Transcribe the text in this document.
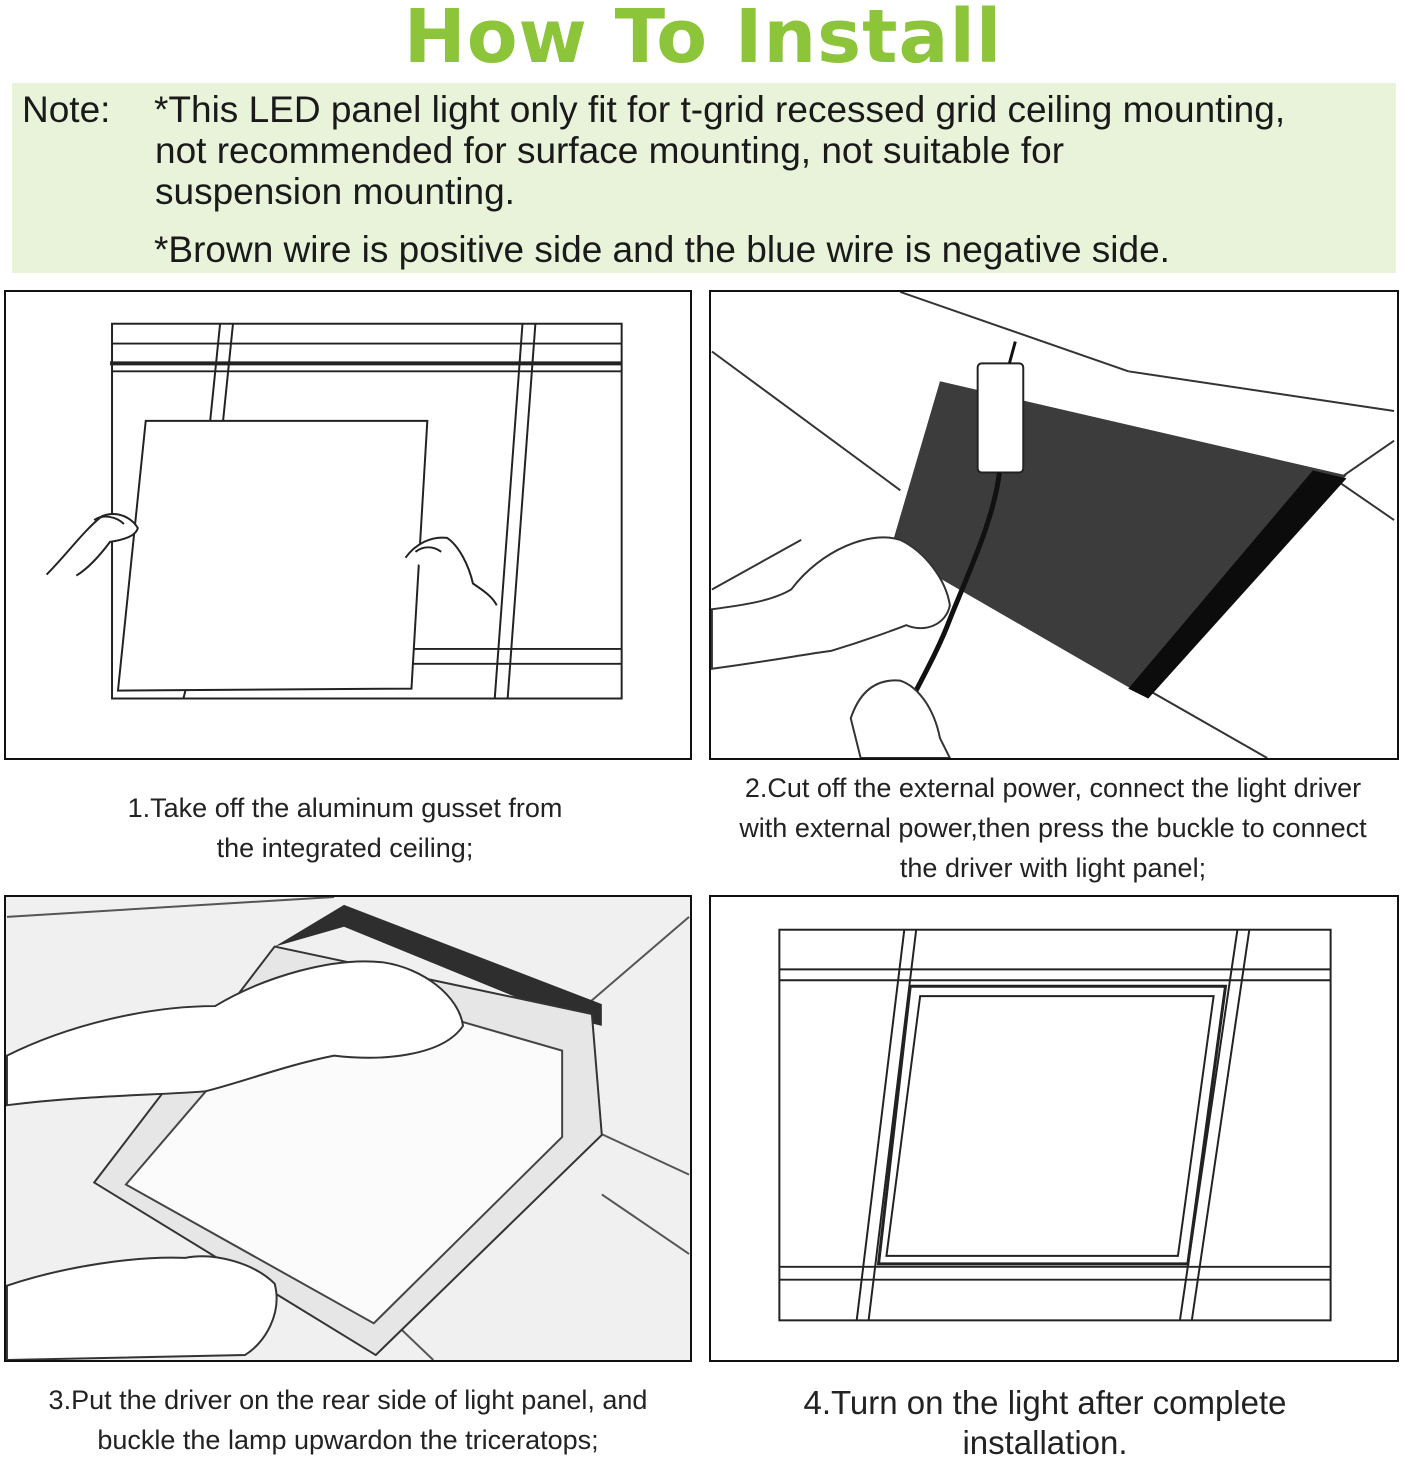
How To Install
Note: *This LED panel light only fit for t-grid recessed grid ceiling mounting,
not recommended for surface mounting, not suitable for
suspension mounting.
*Brown wire is positive side and the blue wire is negative side.
1.Take off the aluminum gusset from
the integrated ceiling;
2.Cut off the external power, connect the light driver
with external power,then press the buckle to connect
the driver with light panel;
3.Put the driver on the rear side of light panel, and
buckle the lamp upwardon the triceratops;
4.Turn on the light after complete
installation.
